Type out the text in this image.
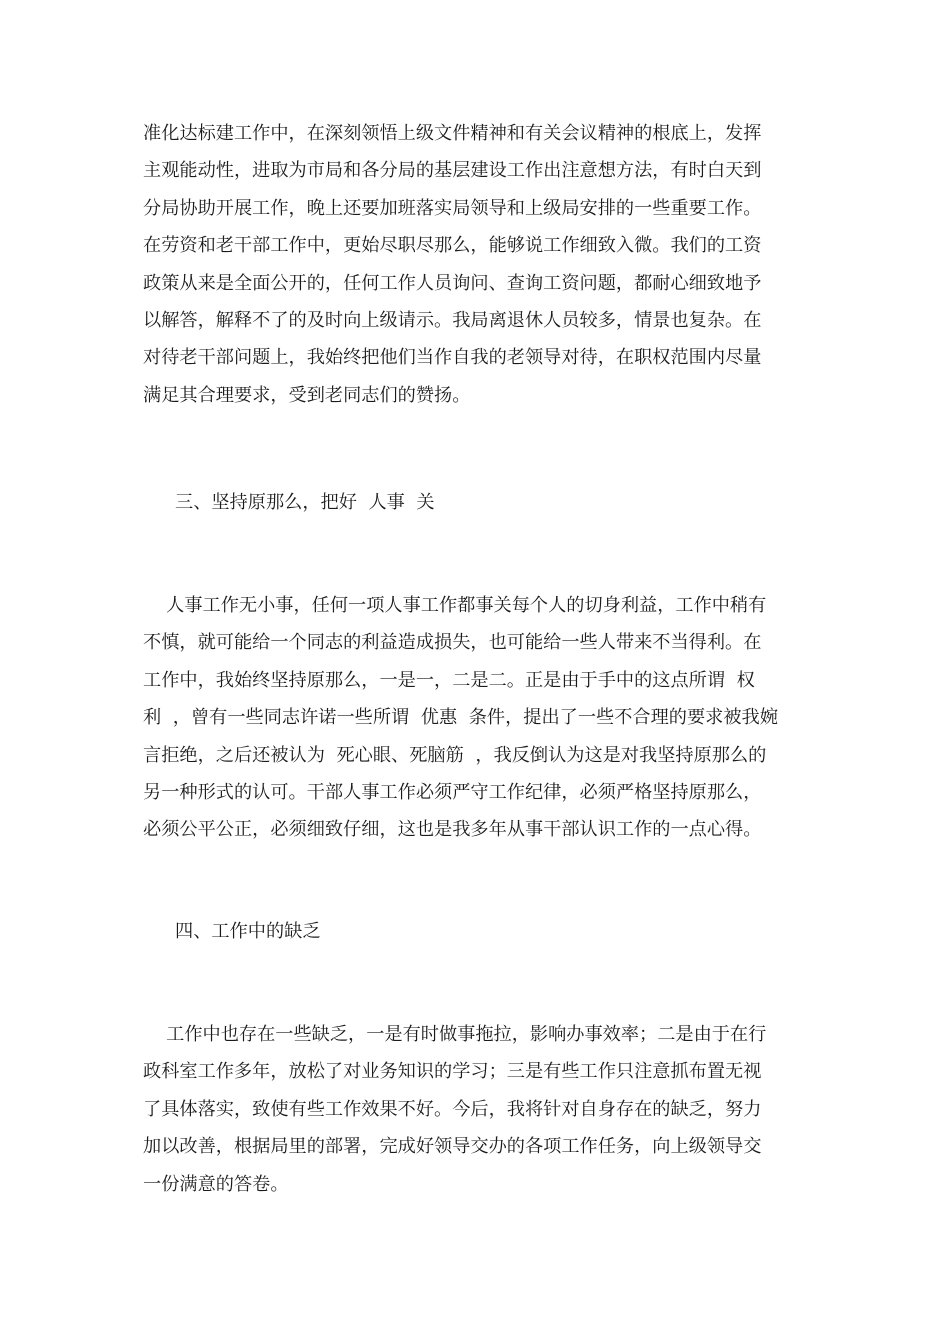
准化达标建工作中，在深刻领悟上级文件精神和有关会议精神的根底上，发挥
主观能动性，进取为市局和各分局的基层建设工作出注意想方法，有时白天到
分局协助开展工作，晚上还要加班落实局领导和上级局安排的一些重要工作。
在劳资和老干部工作中，更始尽职尽那么，能够说工作细致入微。我们的工资
政策从来是全面公开的，任何工作人员询问、查询工资问题，都耐心细致地予
以解答，解释不了的及时向上级请示。我局离退休人员较多，情景也复杂。在
对待老干部问题上，我始终把他们当作自我的老领导对待，在职权范围内尽量
满足其合理要求，受到老同志们的赞扬。
三、坚持原那么，把好  人事  关
人事工作无小事，任何一项人事工作都事关每个人的切身利益，工作中稍有
不慎，就可能给一个同志的利益造成损失，也可能给一些人带来不当得利。在
工作中，我始终坚持原那么，一是一，二是二。正是由于手中的这点所谓  权
利  ，曾有一些同志许诺一些所谓  优惠  条件，提出了一些不合理的要求被我婉
言拒绝，之后还被认为  死心眼、死脑筋  ，我反倒认为这是对我坚持原那么的
另一种形式的认可。干部人事工作必须严守工作纪律，必须严格坚持原那么，
必须公平公正，必须细致仔细，这也是我多年从事干部认识工作的一点心得。
四、工作中的缺乏
工作中也存在一些缺乏，一是有时做事拖拉，影响办事效率；二是由于在行
政科室工作多年，放松了对业务知识的学习；三是有些工作只注意抓布置无视
了具体落实，致使有些工作效果不好。今后，我将针对自身存在的缺乏，努力
加以改善，根据局里的部署，完成好领导交办的各项工作任务，向上级领导交
一份满意的答卷。
